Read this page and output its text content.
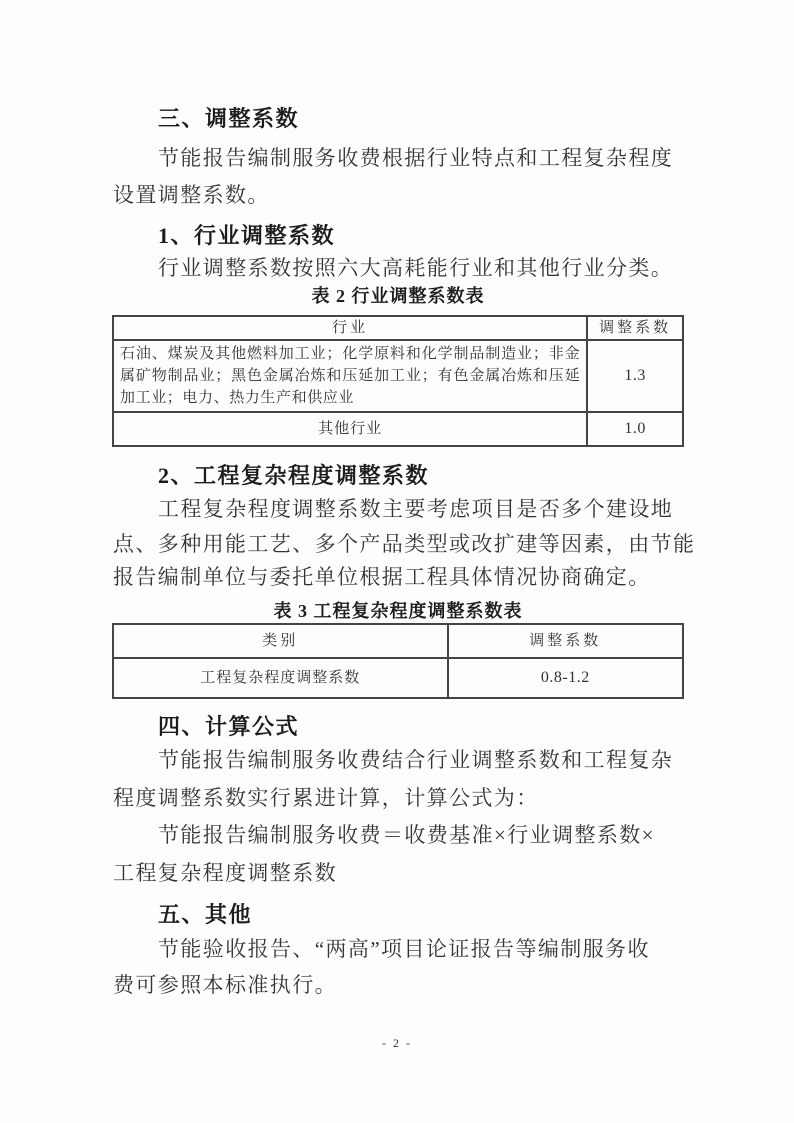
三、调整系数
节能报告编制服务收费根据行业特点和工程复杂程度
设置调整系数。
1、行业调整系数
行业调整系数按照六大高耗能行业和其他行业分类。
表 2 行业调整系数表
行业	调整系数
石油、煤炭及其他燃料加工业；化学原料和化学制品制造业；非金属矿物制品业；黑色金属冶炼和压延加工业；有色金属冶炼和压延加工业；电力、热力生产和供应业	1.3
其他行业	1.0
2、工程复杂程度调整系数
工程复杂程度调整系数主要考虑项目是否多个建设地
点、多种用能工艺、多个产品类型或改扩建等因素，由节能
报告编制单位与委托单位根据工程具体情况协商确定。
表 3 工程复杂程度调整系数表
类别	调整系数
工程复杂程度调整系数	0.8-1.2
四、计算公式
节能报告编制服务收费结合行业调整系数和工程复杂
程度调整系数实行累进计算，计算公式为：
节能报告编制服务收费＝收费基准×行业调整系数×
工程复杂程度调整系数
五、其他
节能验收报告、“两高”项目论证报告等编制服务收
费可参照本标准执行。
- 2 -
